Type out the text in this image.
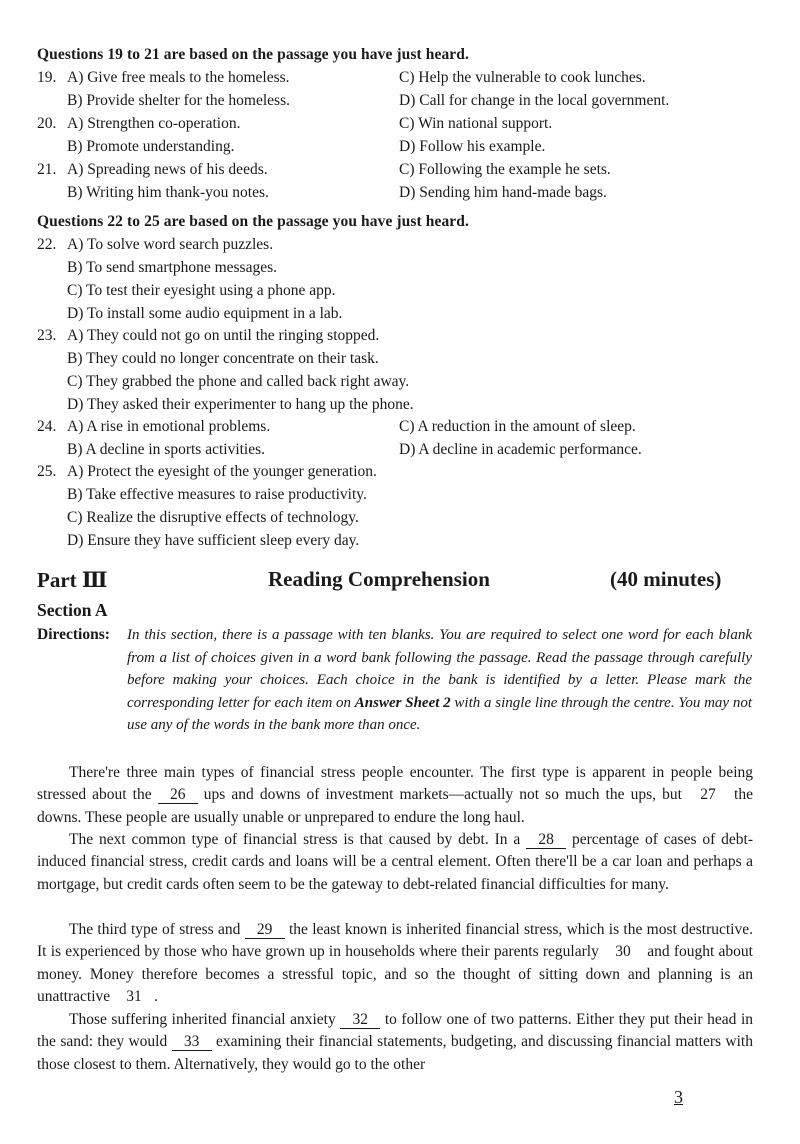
Questions 19 to 21 are based on the passage you have just heard.
19. A) Give free meals to the homeless.	C) Help the vulnerable to cook lunches.
B) Provide shelter for the homeless.	D) Call for change in the local government.
20. A) Strengthen co-operation.	C) Win national support.
B) Promote understanding.	D) Follow his example.
21. A) Spreading news of his deeds.	C) Following the example he sets.
B) Writing him thank-you notes.	D) Sending him hand-made bags.
Questions 22 to 25 are based on the passage you have just heard.
22. A) To solve word search puzzles.
B) To send smartphone messages.
C) To test their eyesight using a phone app.
D) To install some audio equipment in a lab.
23. A) They could not go on until the ringing stopped.
B) They could no longer concentrate on their task.
C) They grabbed the phone and called back right away.
D) They asked their experimenter to hang up the phone.
24. A) A rise in emotional problems.	C) A reduction in the amount of sleep.
B) A decline in sports activities.	D) A decline in academic performance.
25. A) Protect the eyesight of the younger generation.
B) Take effective measures to raise productivity.
C) Realize the disruptive effects of technology.
D) Ensure they have sufficient sleep every day.
Part Ⅲ	Reading Comprehension	(40 minutes)
Section A
Directions: In this section, there is a passage with ten blanks. You are required to select one word for each blank from a list of choices given in a word bank following the passage. Read the passage through carefully before making your choices. Each choice in the bank is identified by a letter. Please mark the corresponding letter for each item on Answer Sheet 2 with a single line through the centre. You may not use any of the words in the bank more than once.
There're three main types of financial stress people encounter. The first type is apparent in people being stressed about the 26 ups and downs of investment markets—actually not so much the ups, but 27 the downs. These people are usually unable or unprepared to endure the long haul.
The next common type of financial stress is that caused by debt. In a 28 percentage of cases of debt-induced financial stress, credit cards and loans will be a central element. Often there'll be a car loan and perhaps a mortgage, but credit cards often seem to be the gateway to debt-related financial difficulties for many.
The third type of stress and 29 the least known is inherited financial stress, which is the most destructive. It is experienced by those who have grown up in households where their parents regularly 30 and fought about money. Money therefore becomes a stressful topic, and so the thought of sitting down and planning is an unattractive 31 .
Those suffering inherited financial anxiety 32 to follow one of two patterns. Either they put their head in the sand: they would 33 examining their financial statements, budgeting, and discussing financial matters with those closest to them. Alternatively, they would go to the other
3
